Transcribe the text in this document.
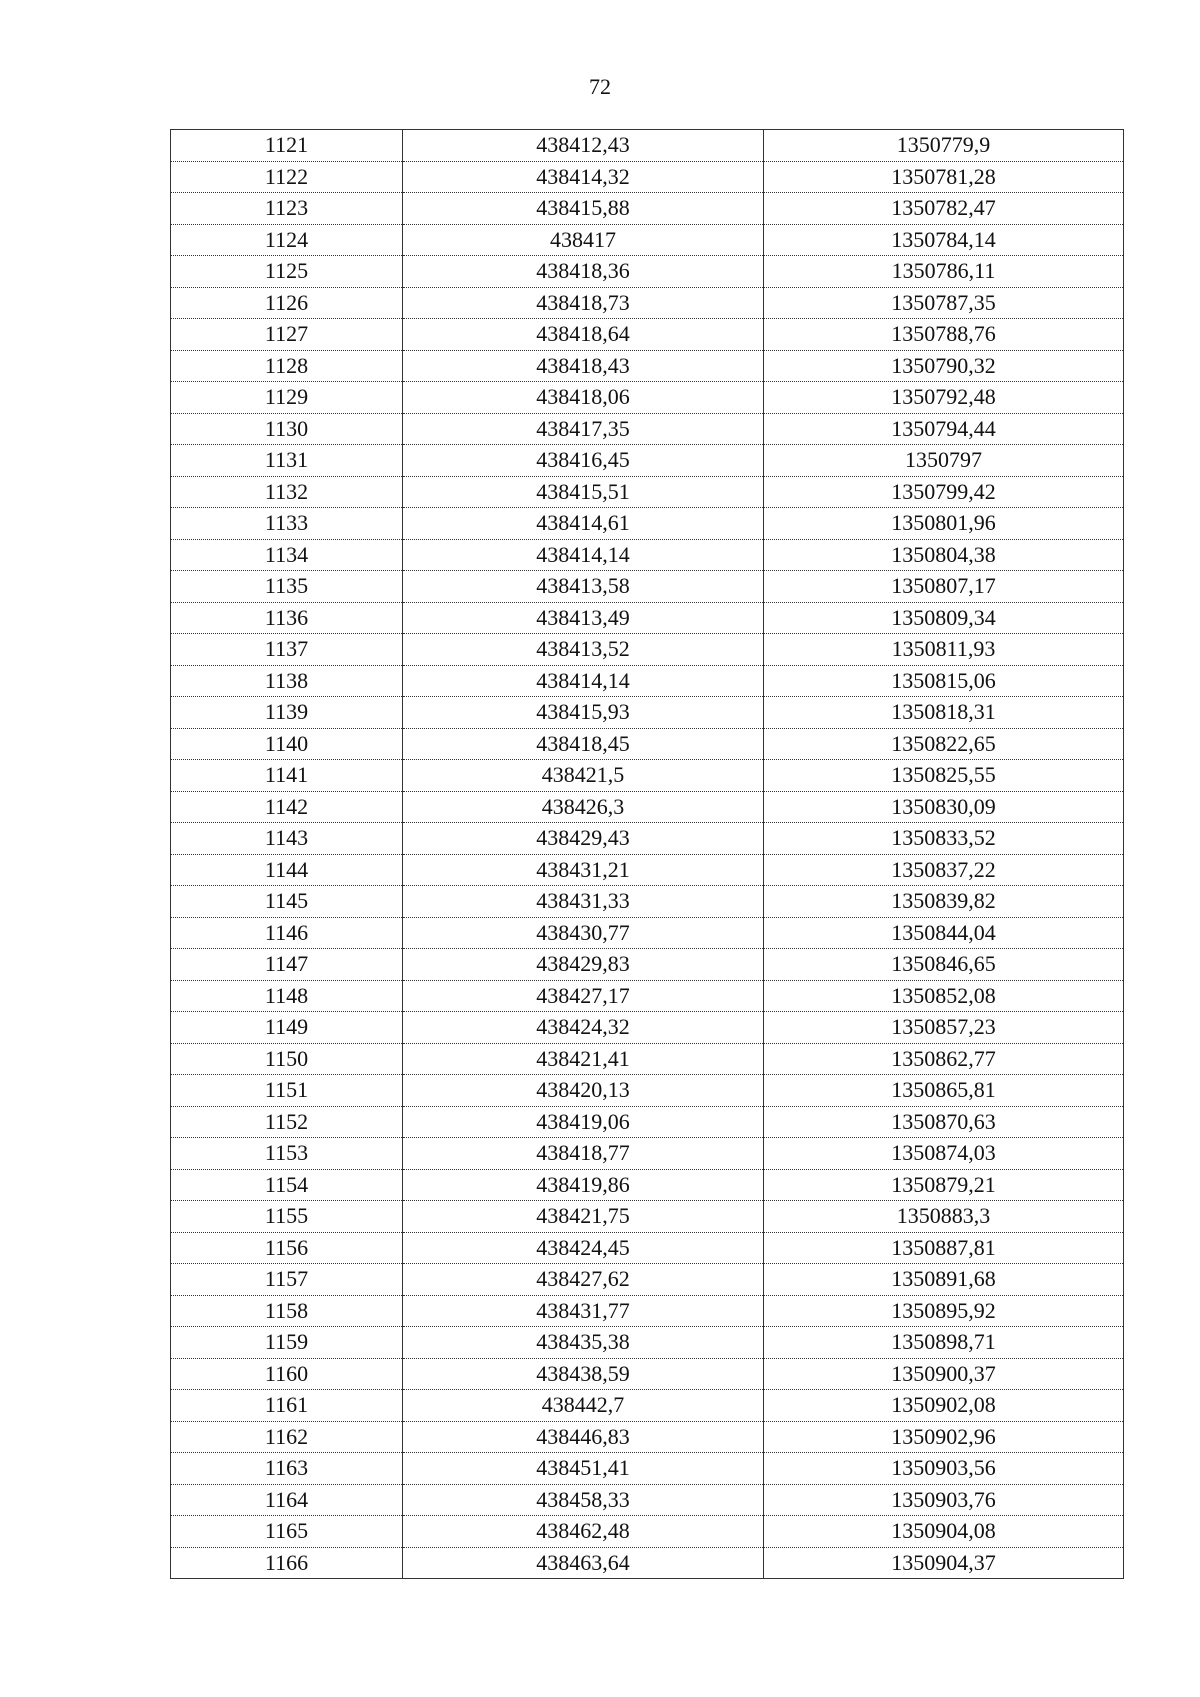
72
1121	438412,43	1350779,9
1122	438414,32	1350781,28
1123	438415,88	1350782,47
1124	438417	1350784,14
1125	438418,36	1350786,11
1126	438418,73	1350787,35
1127	438418,64	1350788,76
1128	438418,43	1350790,32
1129	438418,06	1350792,48
1130	438417,35	1350794,44
1131	438416,45	1350797
1132	438415,51	1350799,42
1133	438414,61	1350801,96
1134	438414,14	1350804,38
1135	438413,58	1350807,17
1136	438413,49	1350809,34
1137	438413,52	1350811,93
1138	438414,14	1350815,06
1139	438415,93	1350818,31
1140	438418,45	1350822,65
1141	438421,5	1350825,55
1142	438426,3	1350830,09
1143	438429,43	1350833,52
1144	438431,21	1350837,22
1145	438431,33	1350839,82
1146	438430,77	1350844,04
1147	438429,83	1350846,65
1148	438427,17	1350852,08
1149	438424,32	1350857,23
1150	438421,41	1350862,77
1151	438420,13	1350865,81
1152	438419,06	1350870,63
1153	438418,77	1350874,03
1154	438419,86	1350879,21
1155	438421,75	1350883,3
1156	438424,45	1350887,81
1157	438427,62	1350891,68
1158	438431,77	1350895,92
1159	438435,38	1350898,71
1160	438438,59	1350900,37
1161	438442,7	1350902,08
1162	438446,83	1350902,96
1163	438451,41	1350903,56
1164	438458,33	1350903,76
1165	438462,48	1350904,08
1166	438463,64	1350904,37
